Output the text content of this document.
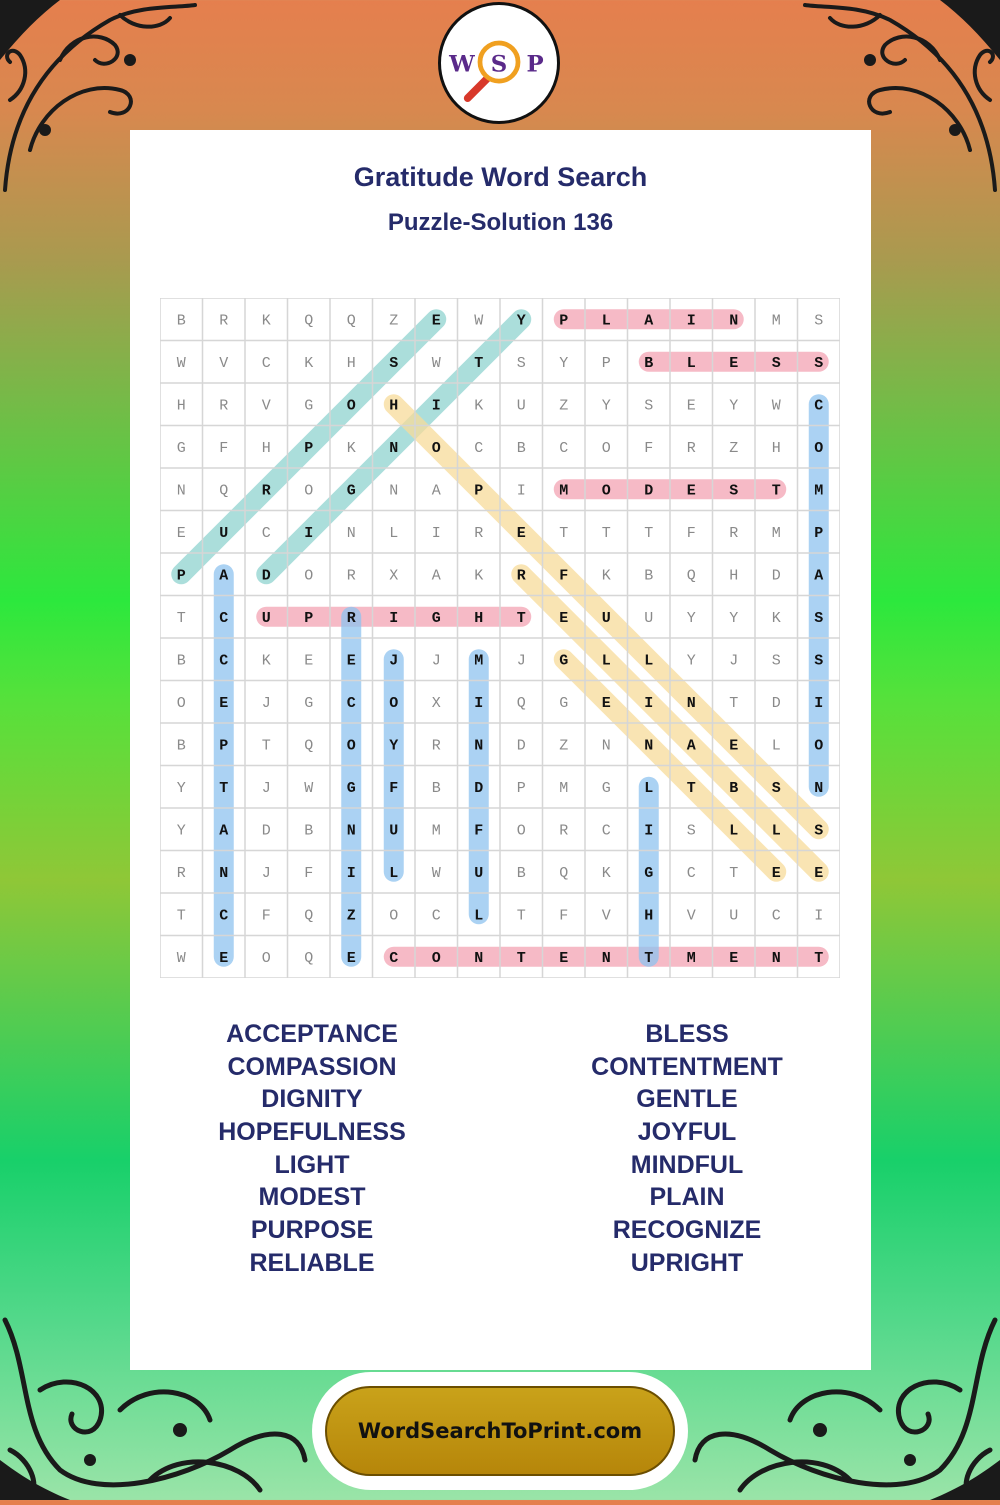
W S P
Gratitude Word Search
Puzzle-Solution 136
B R K Q Q Z E W Y P L A I N M S
W V C K H S W T S Y P B L E S S
H R V G O H I K U Z Y S E Y W C
G F H P K N O C B C O F R Z H O
N Q R O G N A P I M O D E S T M
E U C I N L I R E T T T F R M P
P A D O R X A K R F K B Q H D A
T C U P R I G H T E U U Y Y K S
B C K E E J J M J G L L Y J S S
O E J G C O X I Q G E I N T D I
B P T Q O Y R N D Z N N A E L O
Y T J W G F B D P M G L T B S N
Y A D B N U M F O R C I S L L S
R N J F I L W U B Q K G C T E E
T C F Q Z O C L T F V H V U C I
W E O Q E C O N T E N T M E N T
ACCEPTANCE
COMPASSION
DIGNITY
HOPEFULNESS
LIGHT
MODEST
PURPOSE
RELIABLE
BLESS
CONTENTMENT
GENTLE
JOYFUL
MINDFUL
PLAIN
RECOGNIZE
UPRIGHT
WordSearchToPrint.com
